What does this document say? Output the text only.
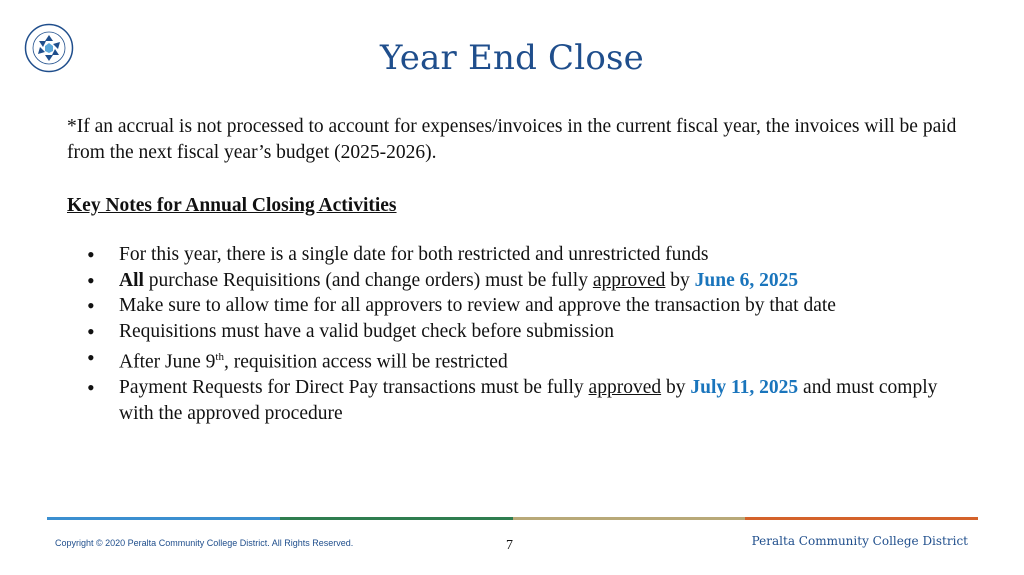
Year End Close
*If an accrual is not processed to account for expenses/invoices in the current fiscal year, the invoices will be paid from the next fiscal year’s budget (2025-2026).
Key Notes for Annual Closing Activities
• For this year, there is a single date for both restricted and unrestricted funds
• All purchase Requisitions (and change orders) must be fully approved by June 6, 2025
• Make sure to allow time for all approvers to review and approve the transaction by that date
• Requisitions must have a valid budget check before submission
• After June 9th, requisition access will be restricted
• Payment Requests for Direct Pay transactions must be fully approved by July 11, 2025 and must comply with the approved procedure
Copyright © 2020 Peralta Community College District. All Rights Reserved.	7	Peralta Community College District
